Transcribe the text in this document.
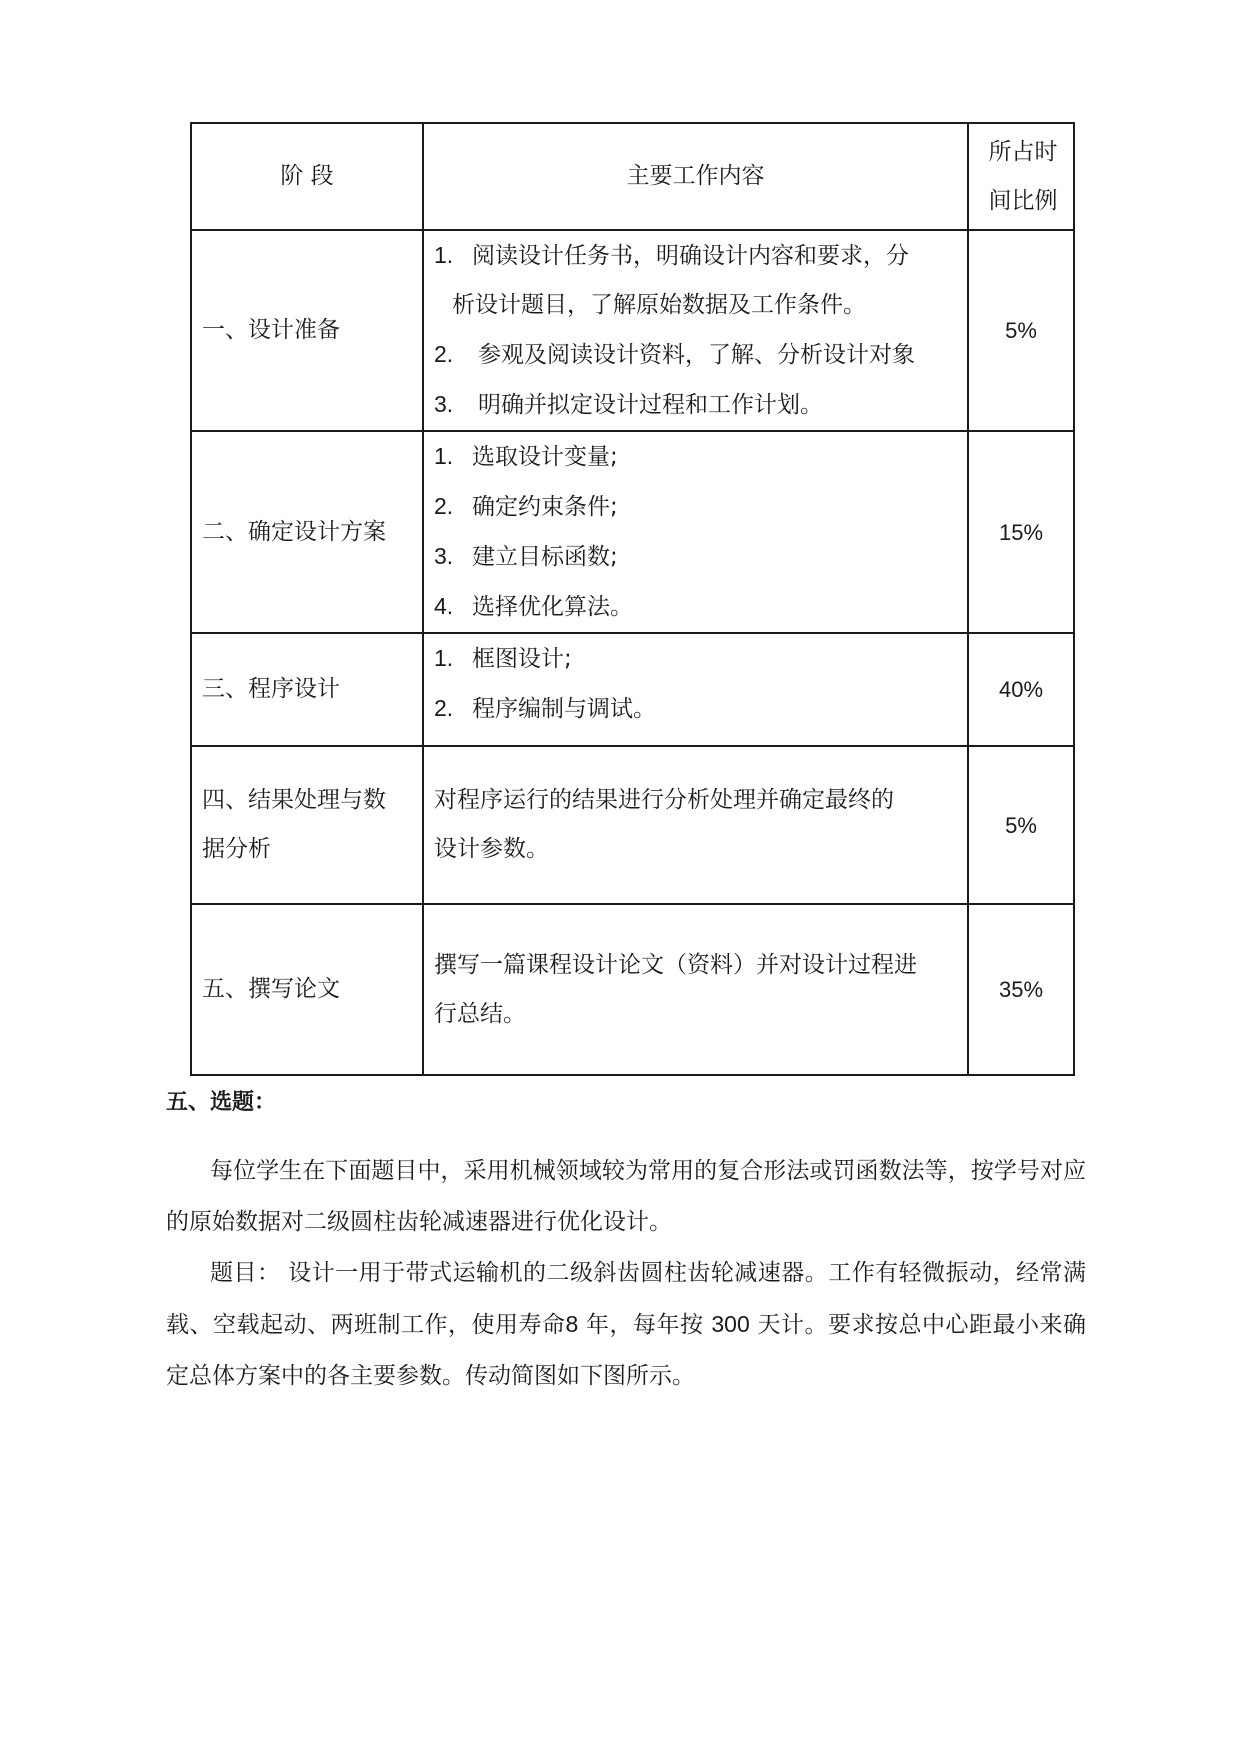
阶 段	主要工作内容	所占时
间比例

一、设计准备	1. 阅读设计任务书，明确设计内容和要求，分
析设计题目，了解原始数据及工作条件。
2. 参观及阅读设计资料，了解、分析设计对象
3. 明确并拟定设计过程和工作计划。	5%
二、确定设计方案	1. 选取设计变量;
2. 确定约束条件;
3. 建立目标函数;
4. 选择优化算法。	15%
三、程序设计	1. 框图设计;
2. 程序编制与调试。	40%

四、结果处理与数
据分析	对程序运行的结果进行分析处理并确定最终的
设计参数。	5%
五、撰写论文	撰写一篇课程设计论文（资料）并对设计过程进
行总结。	35%
五、选题：
每位学生在下面题目中，采用机械领域较为常用的复合形法或罚函数法等，按学号对应的原始数据对二级圆柱齿轮减速器进行优化设计。
题目： 设计一用于带式运输机的二级斜齿圆柱齿轮减速器。工作有轻微振动，经常满载、空载起动、两班制工作，使用寿命8 年，每年按 300 天计。要求按总中心距最小来确定总体方案中的各主要参数。传动简图如下图所示。
